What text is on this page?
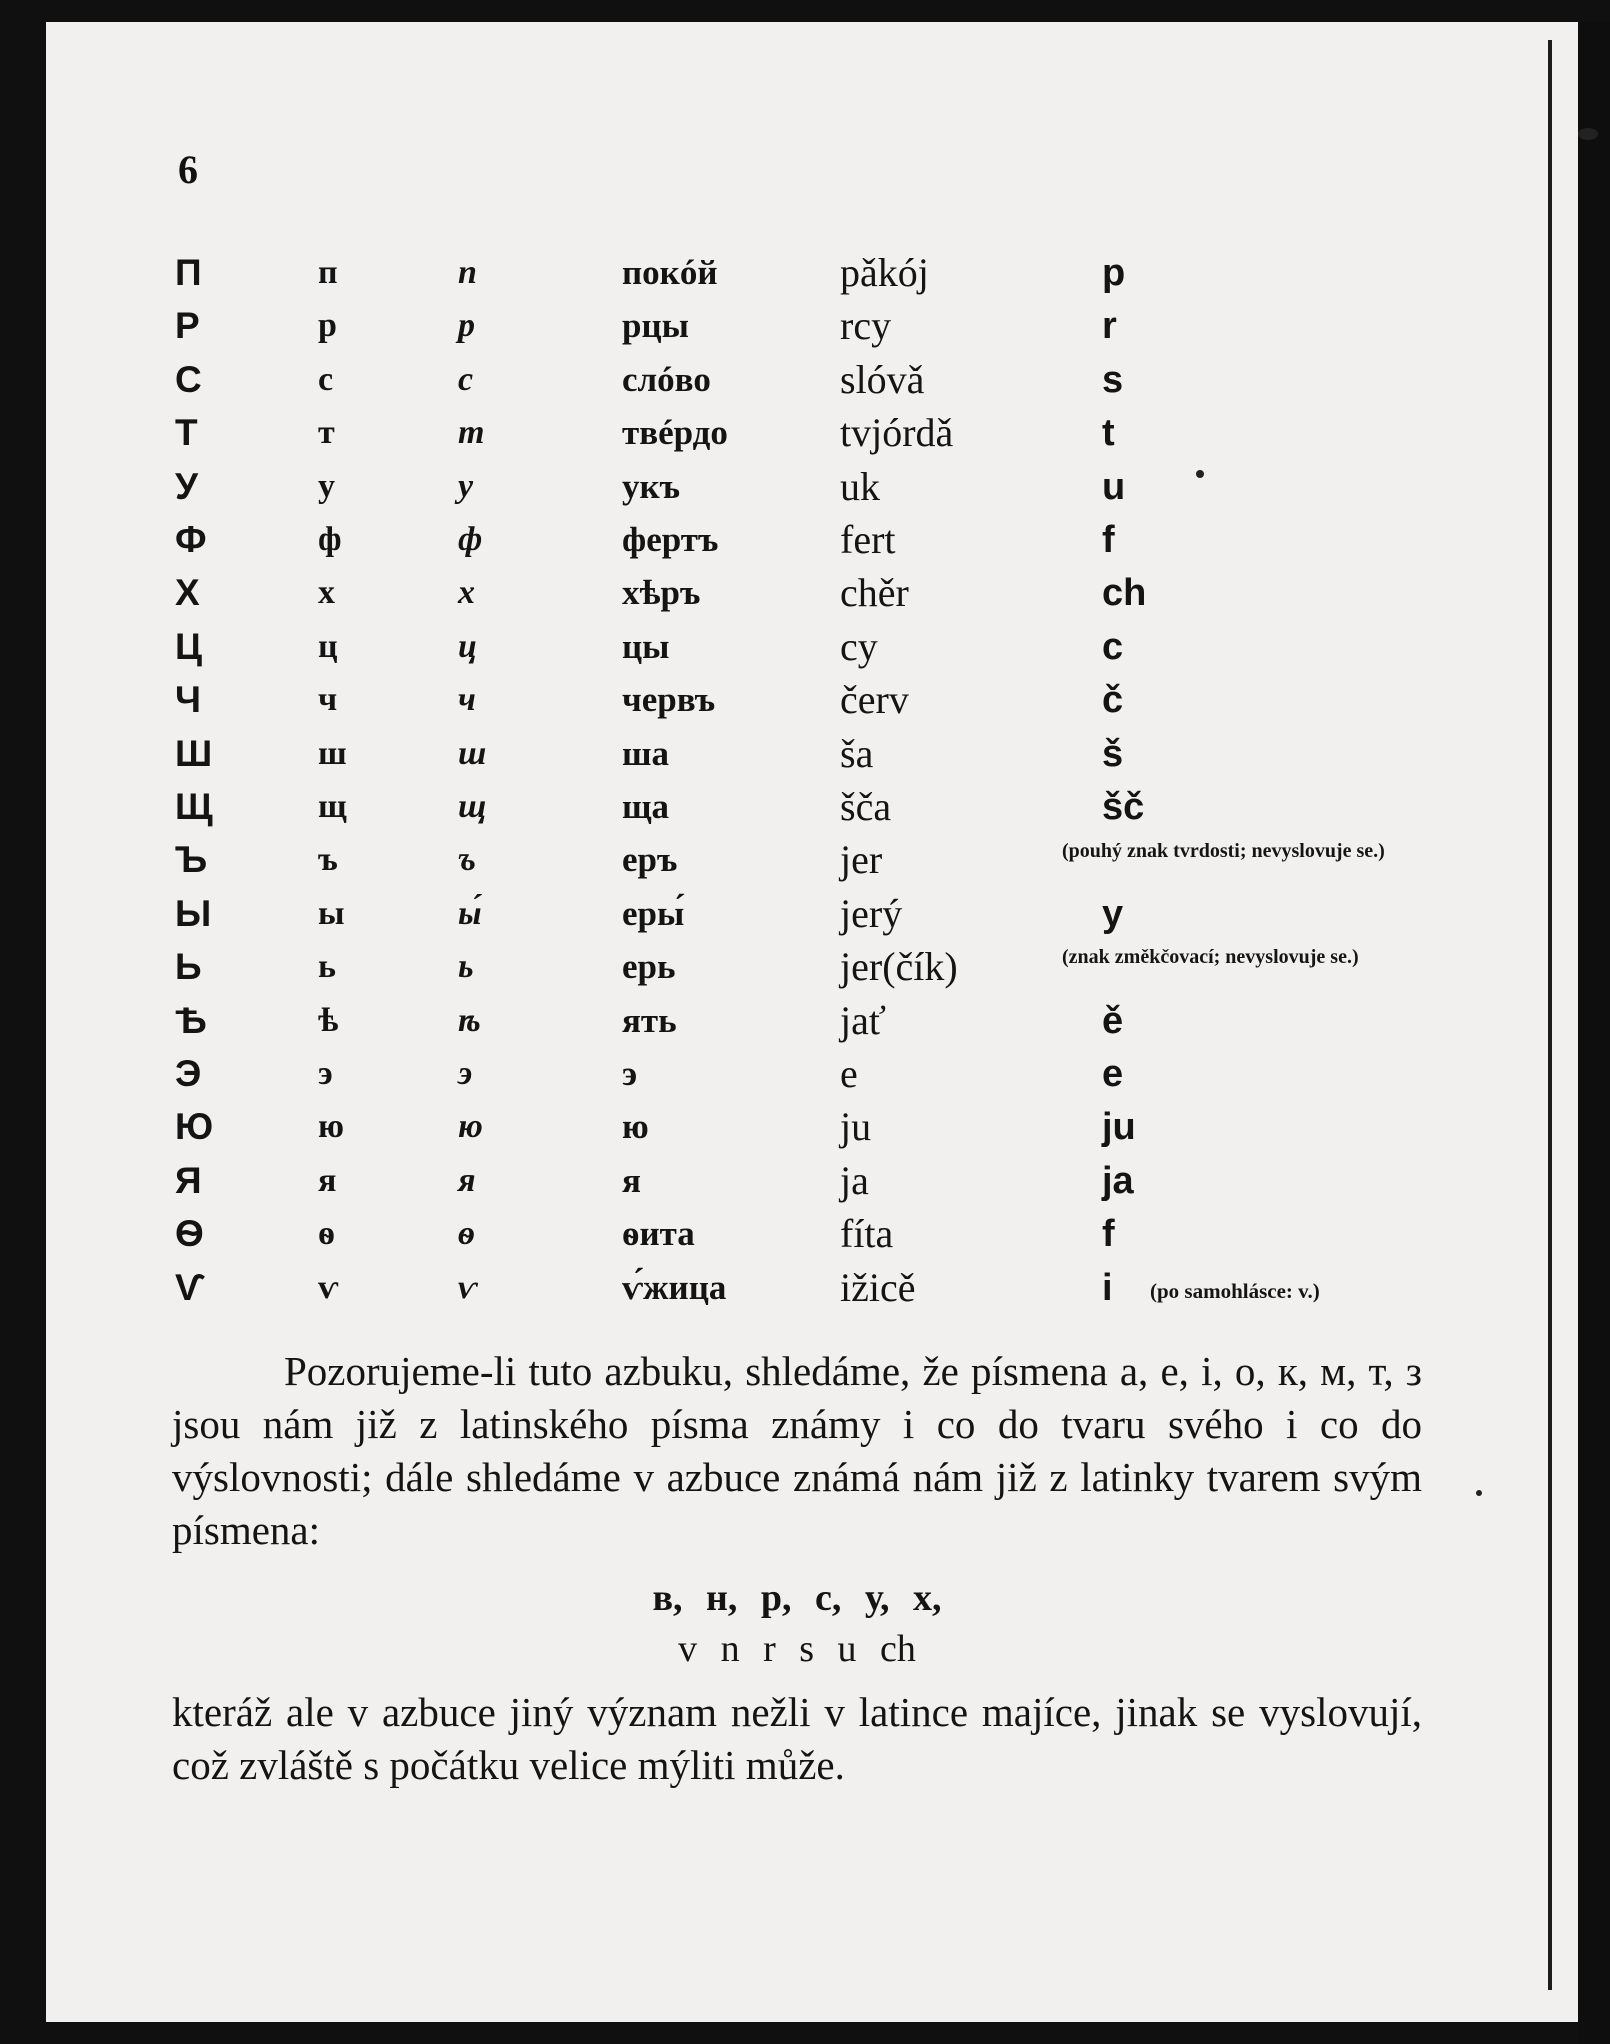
6
П	п	п	покóй	pǎkój	p
Р	р	р	рцы	rcy	r
С	с	с	слóво	slóvǎ	s
Т	т	т	твéрдо	tvjórdǎ	t
У	у	у	укъ	uk	u
Ф	ф	ф	фертъ	fert	f
Х	х	х	хѣръ	chěr	ch
Ц	ц	ц	цы	cy	c
Ч	ч	ч	червъ	červ	č
Ш	ш	ш	ша	ša	š
Щ	щ	щ	ща	šča	šč
Ъ	ъ	ъ	еръ	jer
Ы	ы	ы́	еры́	jerý	y
Ь	ь	ь	ерь	jer(čík)
Ѣ	ѣ	ѣ	ять	jať	ě
Э	э	э	э	e	e
Ю	ю	ю	ю	ju	ju
Я	я	я	я	ja	ja
Ѳ	ѳ	ѳ	ѳита	fíta	f
Ѵ	ѵ	ѵ	ѵ́жица	ižicě	i
(pouhý znak tvrdosti; nevyslovuje se.)
(znak změkčovací; nevyslovuje se.)
(po samohlásce: v.)
Pozorujeme-li tuto azbuku, shledáme, že písmena а, е, і, о, к, м, т, з jsou nám již z latinského písma známy i co do tvaru svého i co do výslovnosti; dále shledáme v azbuce známá nám již z latinky tvarem svým písmena:
в, н, р, с, у, х,
v n r s u ch
kteráž ale v azbuce jiný význam nežli v latince majíce, jinak se vyslovují, což zvláště s počátku velice mýliti může.
